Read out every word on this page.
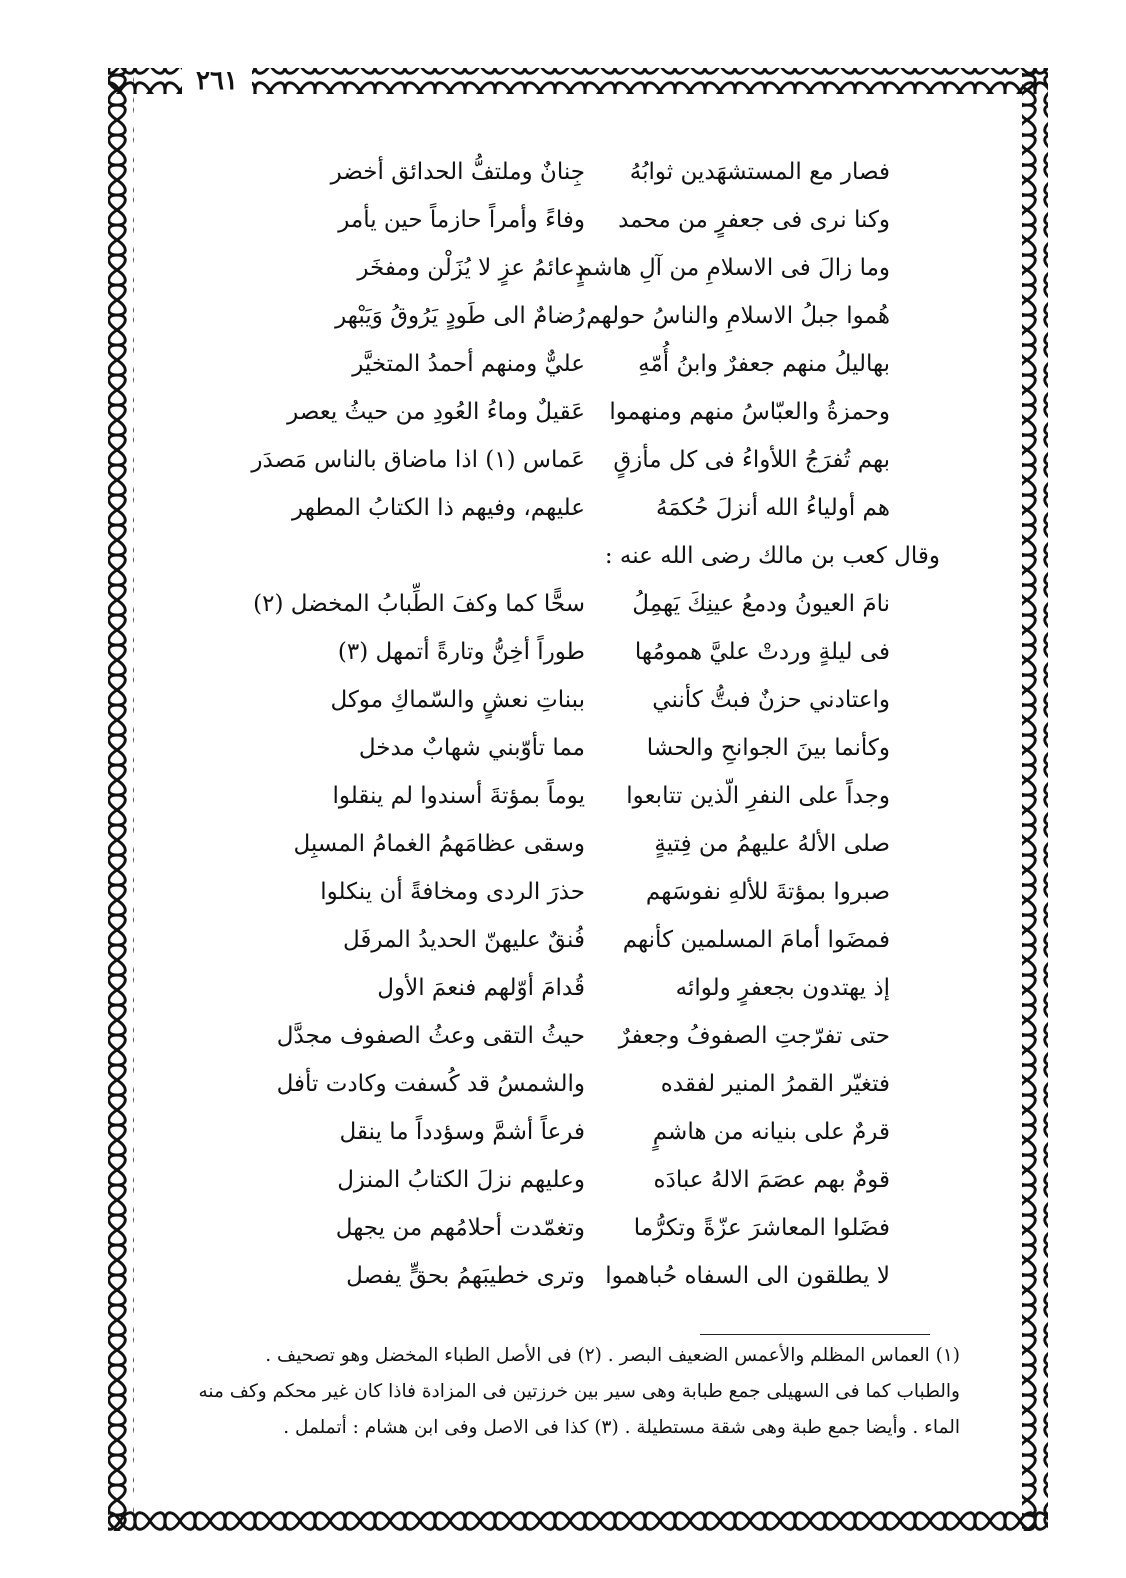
٢٦١
فصار مع المستشهَدين ثوابُهُ
جِنانٌ وملتفُّ الحدائق أخضر
وكنا نرى فى جعفرٍ من محمد
وفاءً وأمراً حازماً حين يأمر
وما زالَ فى الاسلامِ من آلِ هاشمٍ
دعائمُ عزٍ لا يُزَلْن ومفخَر
هُموا جبلُ الاسلامِ والناسُ حولهم
رُضامٌ الى طَودٍ يَرُوقُ وَيَبْهر
بهاليلُ منهم جعفرٌ وابنُ أُمّهِ
عليٌّ ومنهم أحمدُ المتخيَّر
وحمزةُ والعبّاسُ منهم ومنهموا
عَقيلٌ وماءُ العُودِ من حيثُ يعصر
بهم تُفرَجُ اللأواءُ فى كل مأزقٍ
عَماس (١) اذا ماضاق بالناس مَصدَر
هم أولياءُ الله أنزلَ حُكمَهُ
عليهم، وفيهم ذا الكتابُ المطهر
وقال كعب بن مالك رضى الله عنه :
نامَ العيونُ ودمعُ عينِكَ يَهمِلُ
سحًّا كما وكفَ الطِّبابُ المخضل (٢)
فى ليلةٍ وردتْ عليَّ همومُها
طوراً أخِنُّ وتارةً أتمهل (٣)
واعتادني حزنٌ فبتُّ كأنني
ببناتِ نعشٍ والسّماكِ موكل
وكأنما بينَ الجوانحِ والحشا
مما تأوّبني شهابٌ مدخل
وجداً على النفرِ الّذين تتابعوا
يوماً بمؤتةَ أسندوا لم ينقلوا
صلى الألهُ عليهمُ من فِتيةٍ
وسقى عظامَهمُ الغمامُ المسبِل
صبروا بمؤتةَ للألهِ نفوسَهم
حذرَ الردى ومخافةً أن ينكلوا
فمضَوا أمامَ المسلمين كأنهم
فُنقٌ عليهنّ الحديدُ المرفَل
إذ يهتدون بجعفرٍ ولوائه
قُدامَ أوّلهم فنعمَ الأول
حتى تفرّجتِ الصفوفُ وجعفرٌ
حيثُ التقى وعثُ الصفوف مجدَّل
فتغيّر القمرُ المنير لفقده
والشمسُ قد كُسفت وكادت تأفل
قرمٌ على بنيانه من هاشمٍ
فرعاً أشمَّ وسؤدداً ما ينقل
قومٌ بهم عصَمَ الالهُ عبادَه
وعليهم نزلَ الكتابُ المنزل
فضَلوا المعاشرَ عزّةً وتكرُّما
وتغمّدت أحلامُهم من يجهل
لا يطلقون الى السفاه حُباهموا
وترى خطيبَهمُ بحقٍّ يفصل
(١) العماس المظلم والأعمس الضعيف البصر . (٢) فى الأصل الطباء المخضل وهو تصحيف .
والطباب كما فى السهيلى جمع طبابة وهى سير بين خرزتين فى المزادة فاذا كان غير محكم وكف منه
الماء . وأيضا جمع طبة وهى شقة مستطيلة . (٣) كذا فى الاصل وفى ابن هشام : أتململ .
